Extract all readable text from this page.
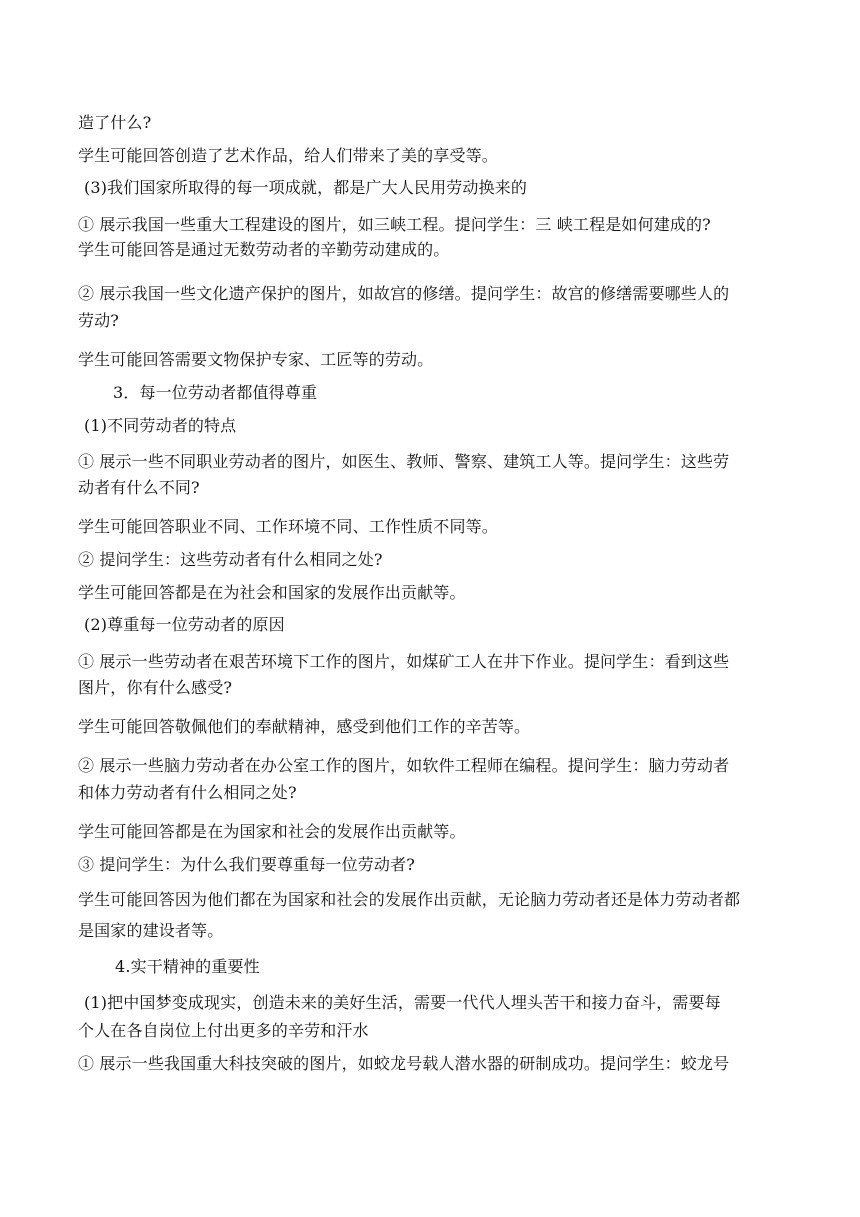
造了什么?
学生可能回答创造了艺术作品，给人们带来了美的享受等。
(3)我们国家所取得的每一项成就，都是广大人民用劳动换来的
① 展示我国一些重大工程建设的图片，如三峡工程。提问学生：三 峡工程是如何建成的?
学生可能回答是通过无数劳动者的辛勤劳动建成的。
② 展示我国一些文化遗产保护的图片，如故宫的修缮。提问学生：故宫的修缮需要哪些人的
劳动?
学生可能回答需要文物保护专家、工匠等的劳动。
3．每一位劳动者都值得尊重
(1)不同劳动者的特点
① 展示一些不同职业劳动者的图片，如医生、教师、警察、建筑工人等。提问学生：这些劳
动者有什么不同?
学生可能回答职业不同、工作环境不同、工作性质不同等。
② 提问学生：这些劳动者有什么相同之处?
学生可能回答都是在为社会和国家的发展作出贡献等。
(2)尊重每一位劳动者的原因
① 展示一些劳动者在艰苦环境下工作的图片，如煤矿工人在井下作业。提问学生：看到这些
图片，你有什么感受?
学生可能回答敬佩他们的奉献精神，感受到他们工作的辛苦等。
② 展示一些脑力劳动者在办公室工作的图片，如软件工程师在编程。提问学生：脑力劳动者
和体力劳动者有什么相同之处?
学生可能回答都是在为国家和社会的发展作出贡献等。
③ 提问学生：为什么我们要尊重每一位劳动者?
学生可能回答因为他们都在为国家和社会的发展作出贡献，无论脑力劳动者还是体力劳动者都
是国家的建设者等。
4.实干精神的重要性
(1)把中国梦变成现实，创造未来的美好生活，需要一代代人埋头苦干和接力奋斗，需要每
个人在各自岗位上付出更多的辛劳和汗水
① 展示一些我国重大科技突破的图片，如蛟龙号载人潜水器的研制成功。提问学生：蛟龙号
